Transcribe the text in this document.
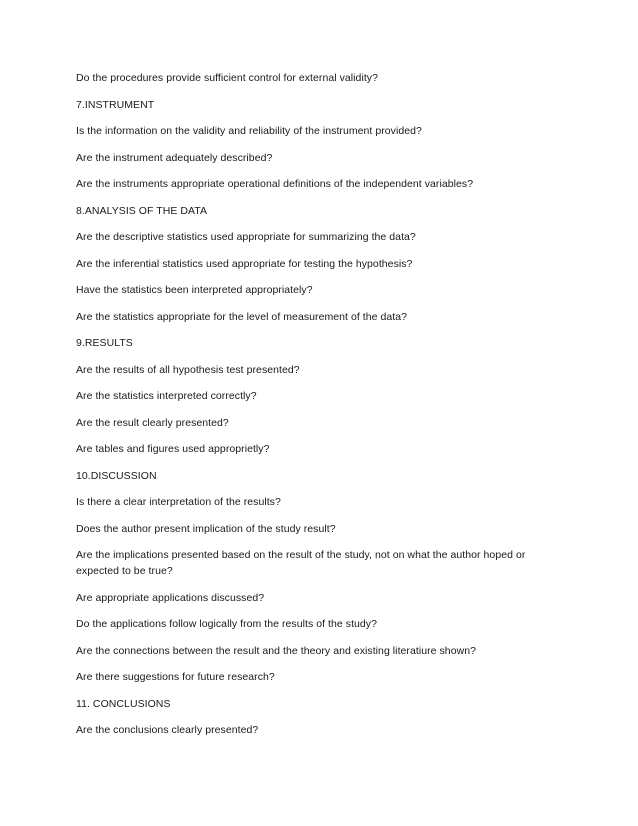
Do the procedures provide sufficient control for external validity?

7.INSTRUMENT

Is the information on the validity and reliability of the instrument provided?

Are the instrument adequately described?

Are the instruments appropriate operational definitions of the independent variables?

8.ANALYSIS OF THE DATA

Are the descriptive statistics used appropriate for summarizing the data?

Are the inferential statistics used appropriate for testing the hypothesis?

Have the statistics been interpreted appropriately?

Are the statistics appropriate for the level of measurement of the data?

9.RESULTS

Are the results of all hypothesis test presented?

Are the statistics interpreted correctly?

Are the result clearly presented?

Are tables and figures used approprietly?

10.DISCUSSION

Is there a clear interpretation of the results?

Does the author present implication of the study result?

Are the implications presented based on the result of the study, not on what the author hoped or expected to be true?

Are appropriate applications discussed?

Do the applications follow logically from the results of the study?

Are the connections between the result and the theory and existing literatiure shown?

Are there suggestions for future research?

11. CONCLUSIONS

Are the conclusions clearly presented?
